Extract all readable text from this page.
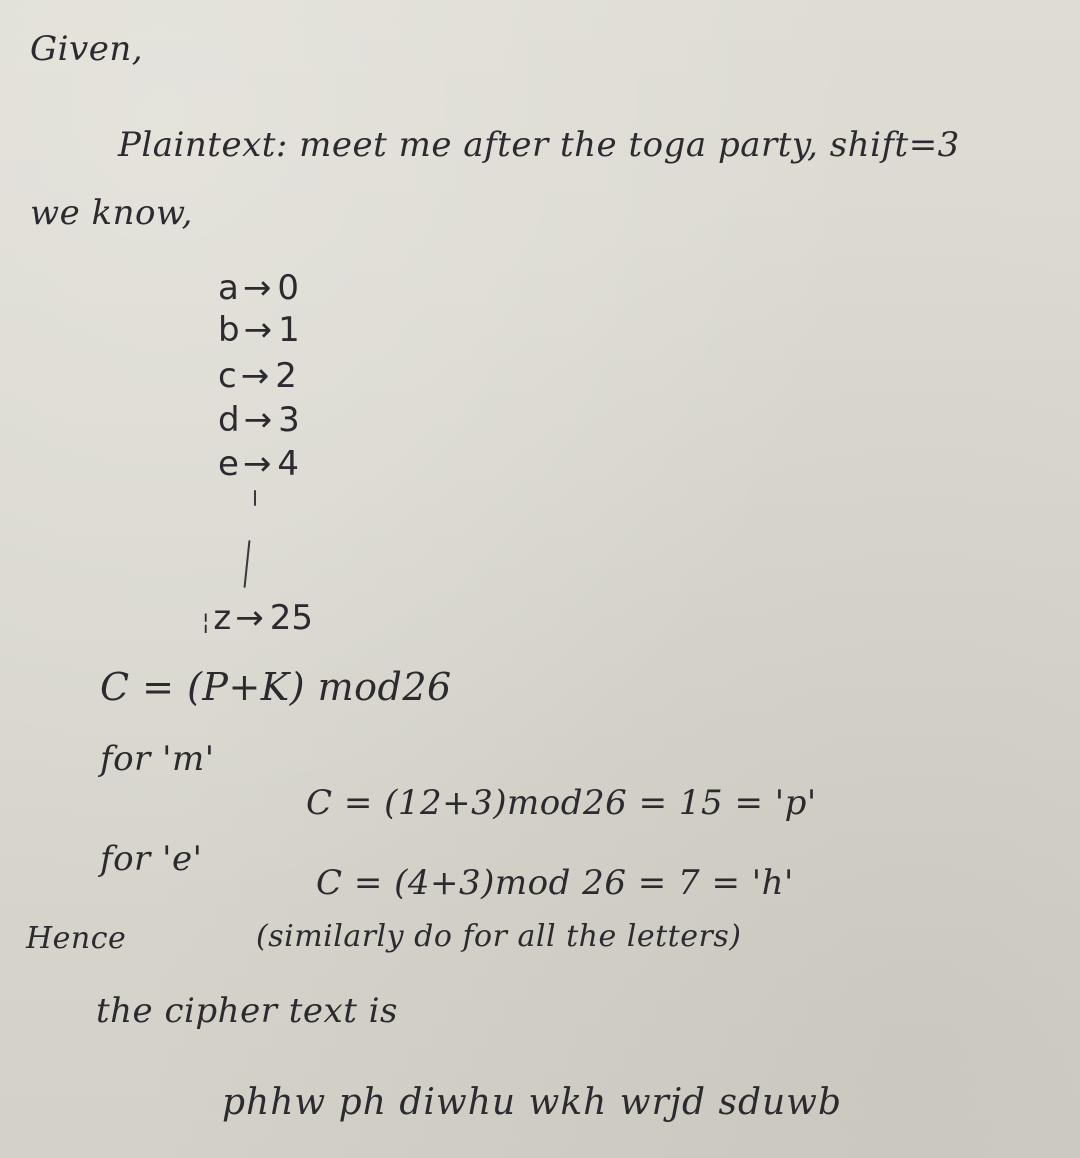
Given,
Plaintext: meet me after the toga party, shift=3
we know,
a → 0
b → 1
c → 2
d → 3
e → 4
¦ z → 25
C = (P+K) mod26
for 'm'
C = (12+3)mod26 = 15 = 'p'
for 'e'
C = (4+3)mod 26 = 7 = 'h'
Hence	(similarly do for all the letters)
the cipher text is
phhw ph diwhu wkh wrjd sduwb
